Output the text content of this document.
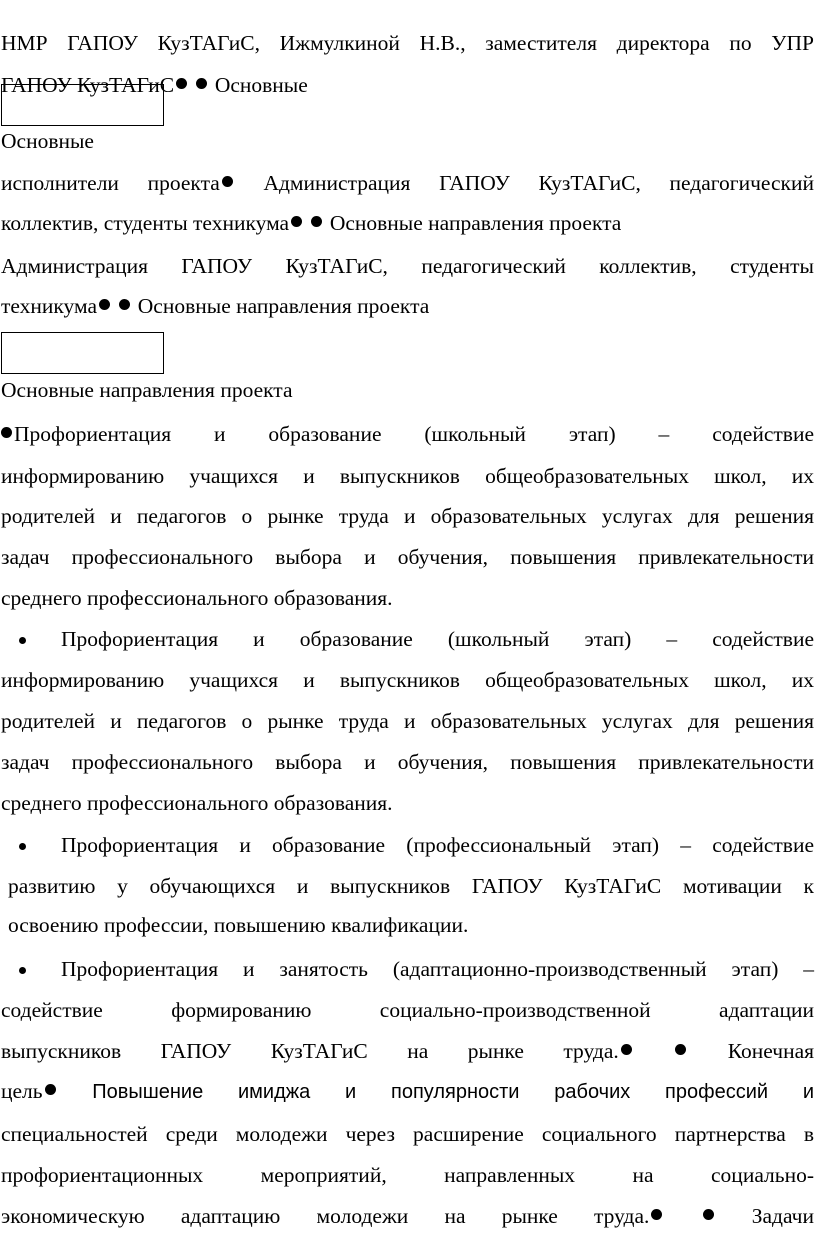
НМР ГАПОУ КузТАГиС, Ижмулкиной Н.В., заместителя директора по УПР
ГАПОУ КузТАГиС Основные
Основные
исполнители проекта Администрация ГАПОУ КузТАГиС, педагогический
коллектив, студенты техникума Основные направления проекта
Администрация ГАПОУ КузТАГиС, педагогический коллектив, студенты
техникума Основные направления проекта
Основные направления проекта
Профориентация и образование (школьный этап) – содействие
информированию учащихся и выпускников общеобразовательных школ, их
родителей и педагогов о рынке труда и образовательных услугах для решения
задач профессионального выбора и обучения, повышения привлекательности
среднего профессионального образования.
Профориентация и образование (школьный этап) – содействие
информированию учащихся и выпускников общеобразовательных школ, их
родителей и педагогов о рынке труда и образовательных услугах для решения
задач профессионального выбора и обучения, повышения привлекательности
среднего профессионального образования.
Профориентация и образование (профессиональный этап) – содействие
развитию у обучающихся и выпускников ГАПОУ КузТАГиС мотивации к
освоению профессии, повышению квалификации.
Профориентация и занятость (адаптационно-производственный этап) –
содействие формированию социально-производственной адаптации
выпускников ГАПОУ КузТАГиС на рынке труда.	Конечная
цель Повышение имиджа и популярности рабочих профессий и
специальностей среди молодежи через расширение социального партнерства в
профориентационных мероприятий, направленных на социально-
экономическую адаптацию молодежи на рынке труда.	Задачи
